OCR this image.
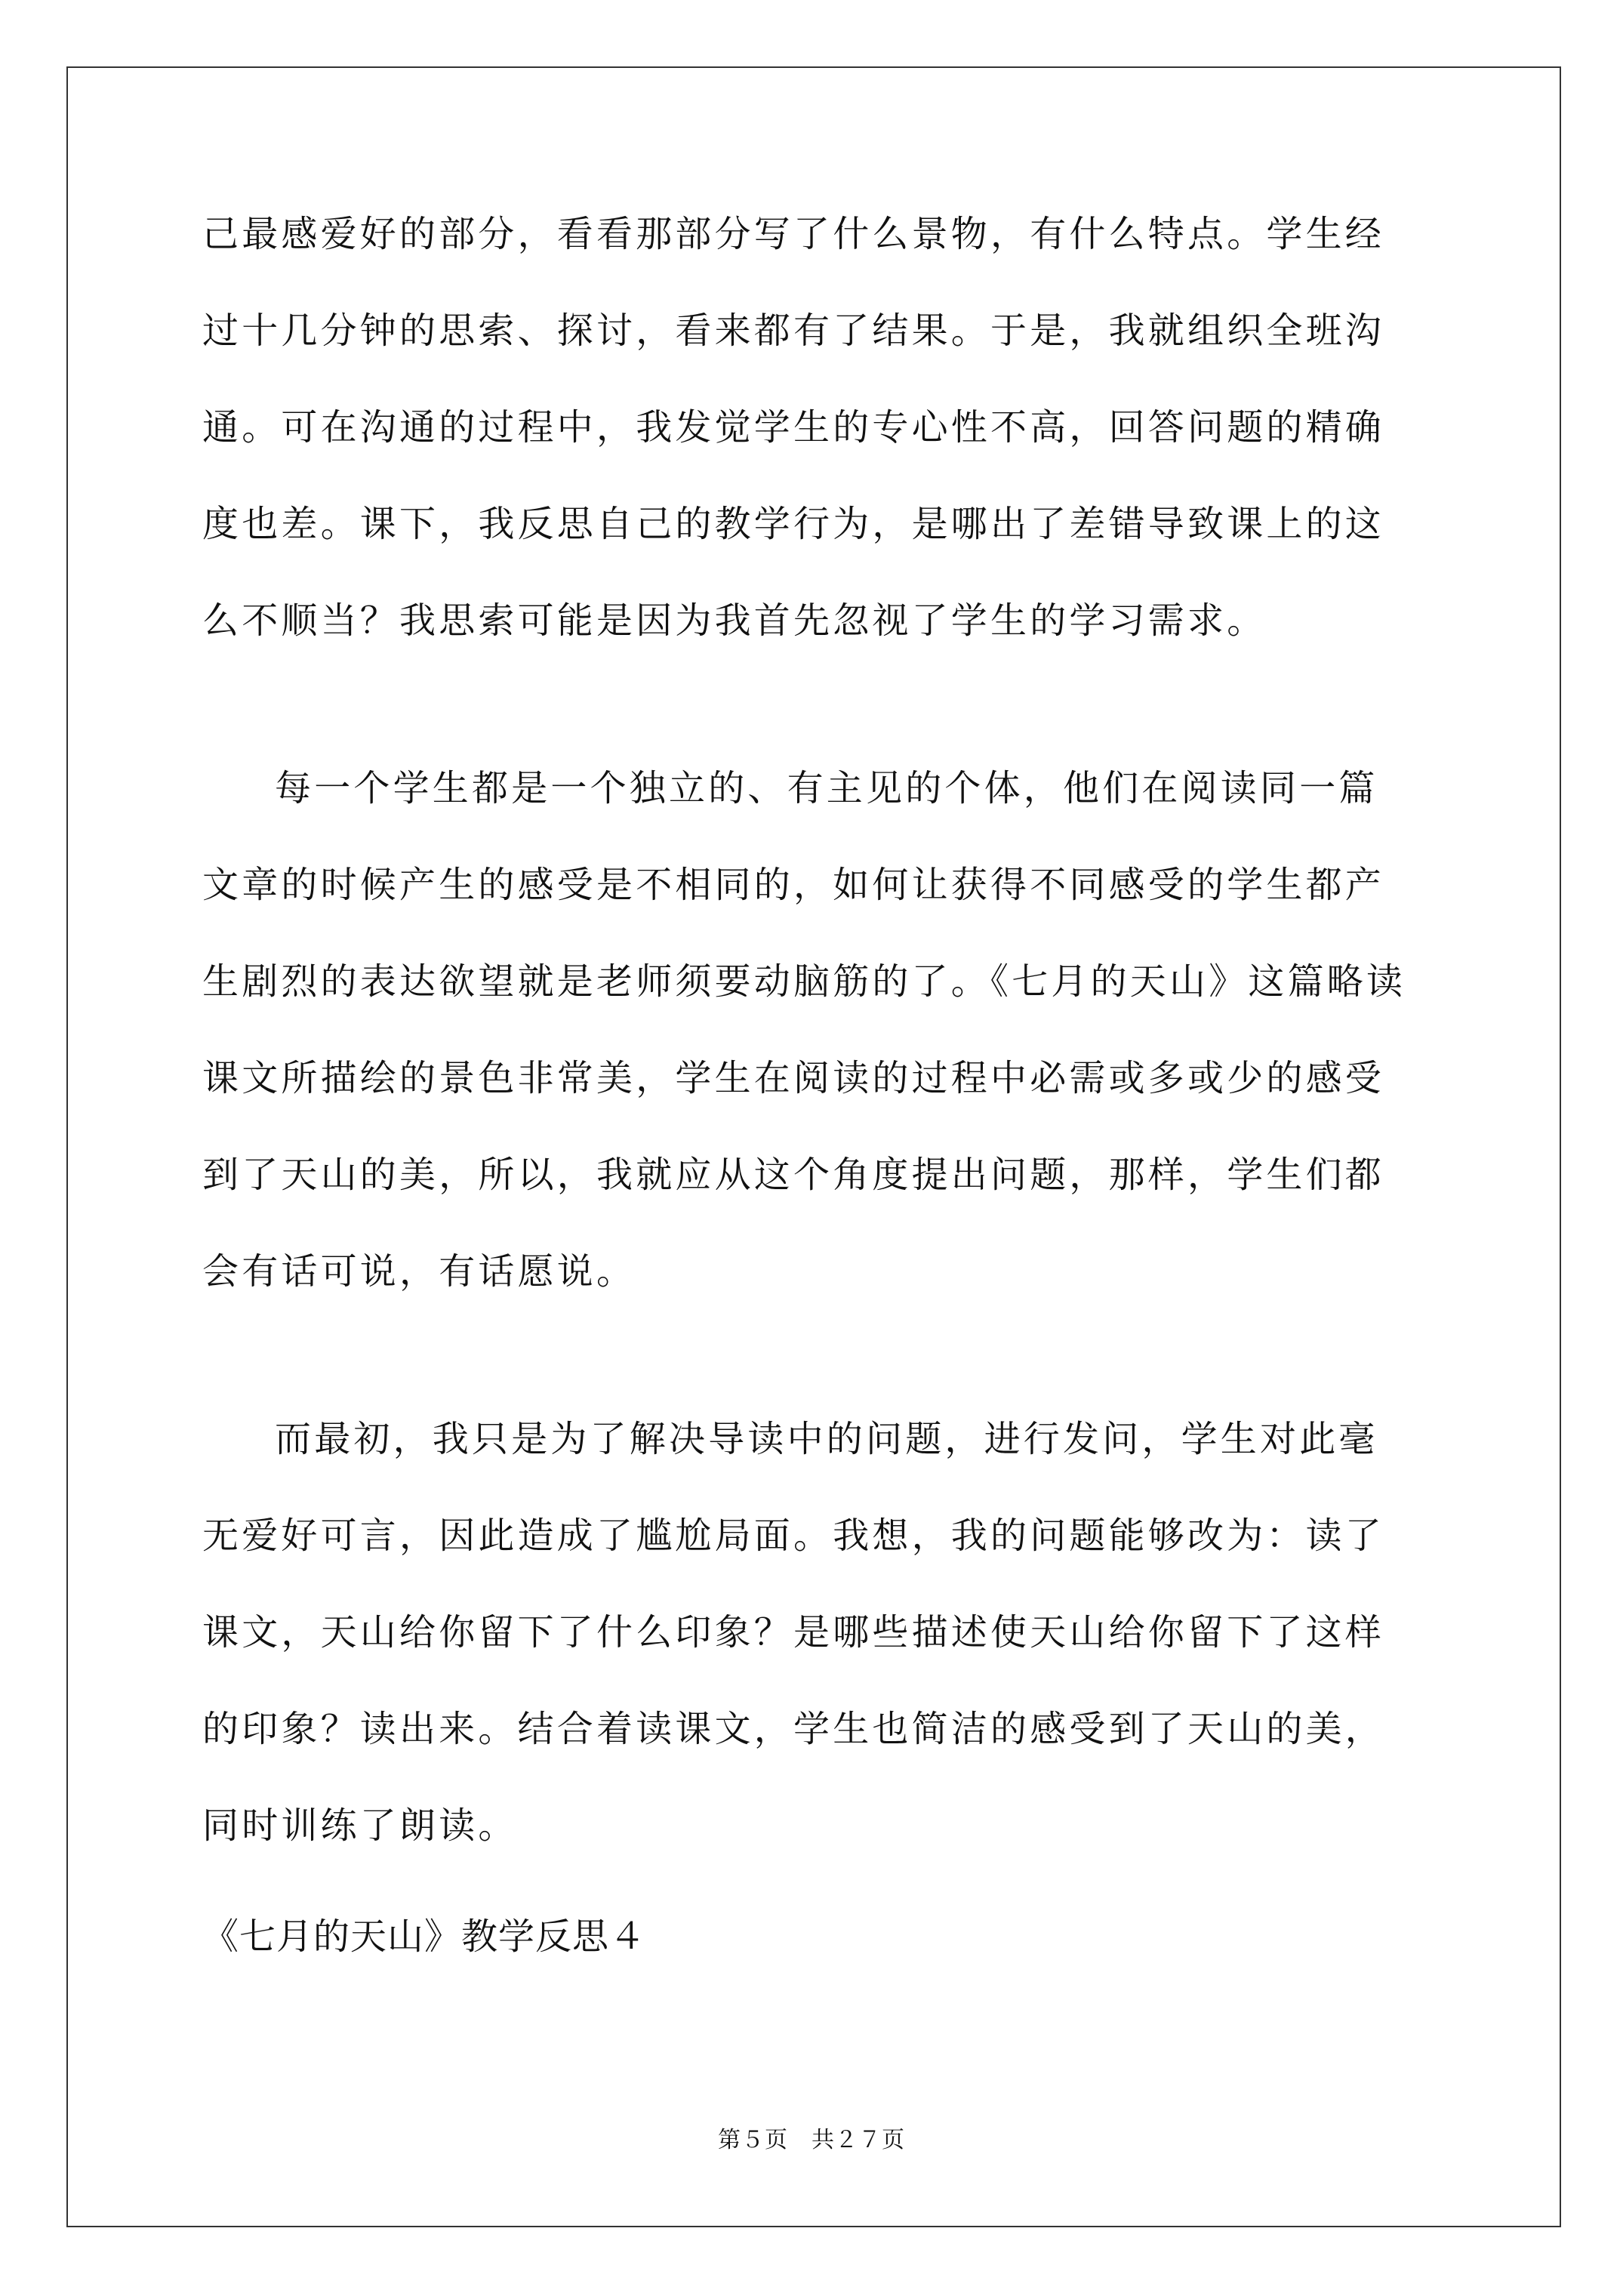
己最感爱好的部分，看看那部分写了什么景物，有什么特点。学生经
过十几分钟的思索、探讨，看来都有了结果。于是，我就组织全班沟
通。可在沟通的过程中，我发觉学生的专心性不高，回答问题的精确
度也差。课下，我反思自己的教学行为，是哪出了差错导致课上的这
么不顺当？我思索可能是因为我首先忽视了学生的学习需求。
每一个学生都是一个独立的、有主见的个体，他们在阅读同一篇
文章的时候产生的感受是不相同的，如何让获得不同感受的学生都产
生剧烈的表达欲望就是老师须要动脑筋的了。《七月的天山》这篇略读
课文所描绘的景色非常美，学生在阅读的过程中必需或多或少的感受
到了天山的美，所以，我就应从这个角度提出问题，那样，学生们都
会有话可说，有话愿说。
而最初，我只是为了解决导读中的问题，进行发问，学生对此毫
无爱好可言，因此造成了尴尬局面。我想，我的问题能够改为：读了
课文，天山给你留下了什么印象？是哪些描述使天山给你留下了这样
的印象？读出来。结合着读课文，学生也简洁的感受到了天山的美，
同时训练了朗读。
《七月的天山》教学反思４
第５页　共２７页
